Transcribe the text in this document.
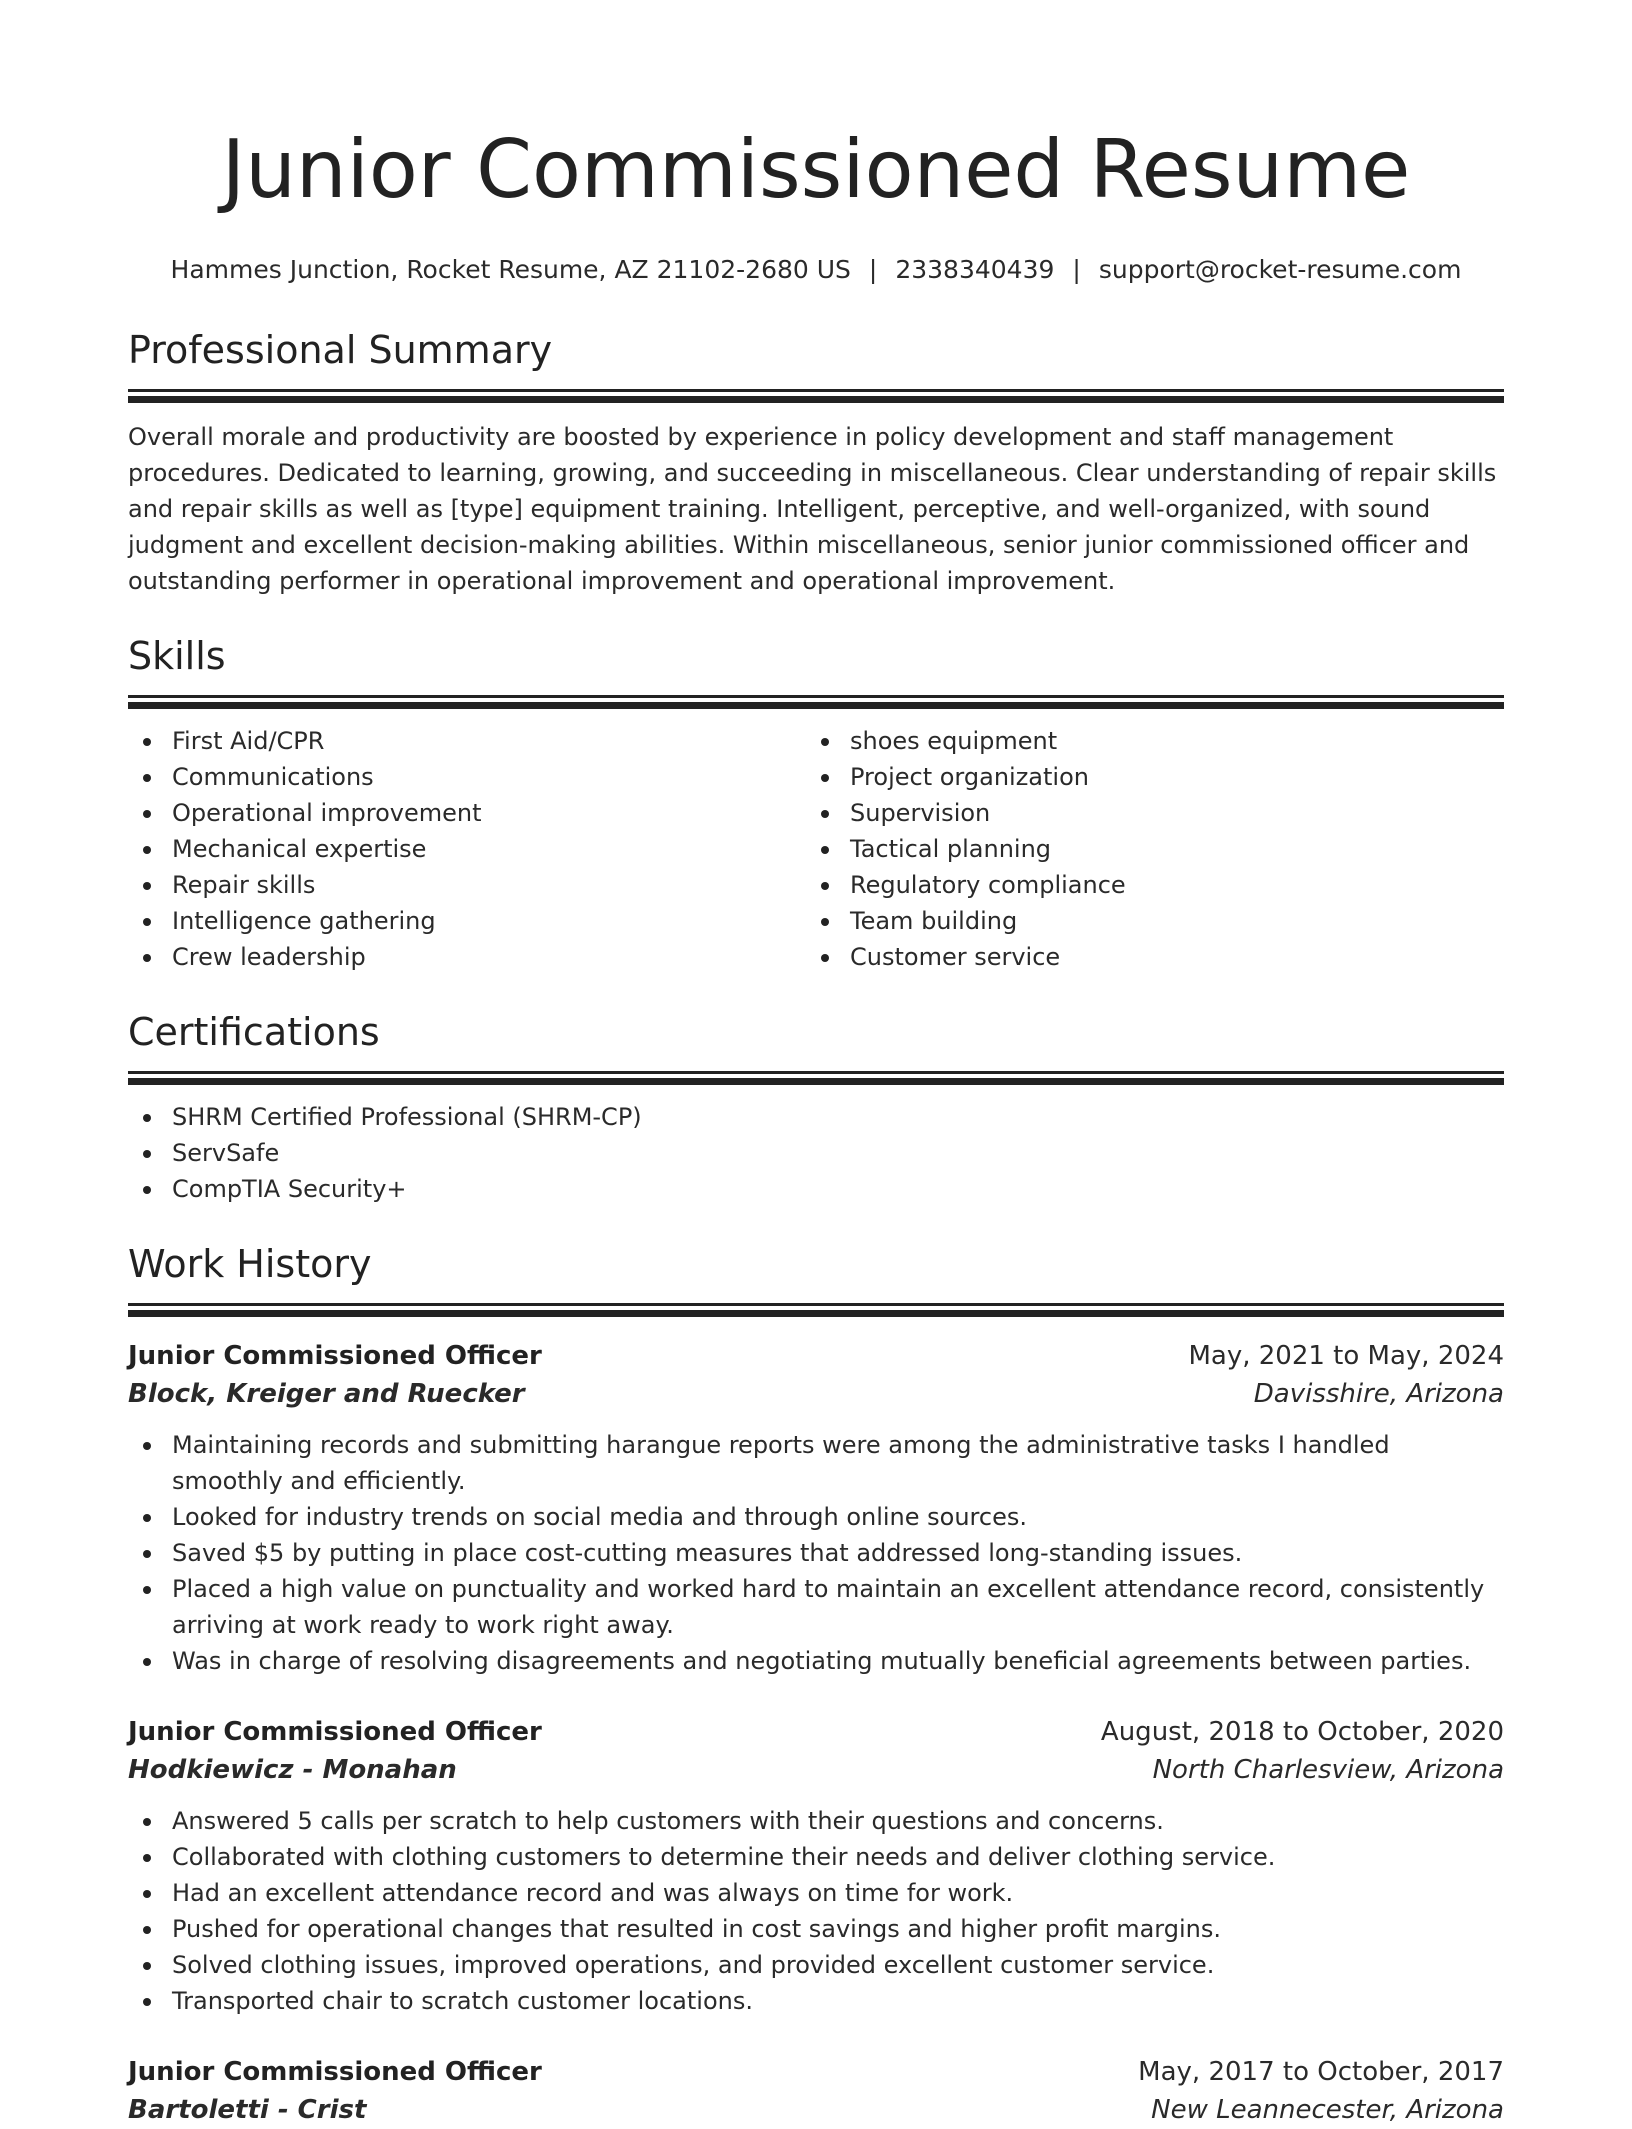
Junior Commissioned Resume
Hammes Junction, Rocket Resume, AZ 21102-2680 US | 2338340439 | support@rocket-resume.com
Professional Summary

Overall morale and productivity are boosted by experience in policy development and staff management procedures. Dedicated to learning, growing, and succeeding in miscellaneous. Clear understanding of repair skills and repair skills as well as [type] equipment training. Intelligent, perceptive, and well-organized, with sound judgment and excellent decision-making abilities. Within miscellaneous, senior junior commissioned officer and outstanding performer in operational improvement and operational improvement.

Skills
First Aid/CPR
Communications
Operational improvement
Mechanical expertise
Repair skills
Intelligence gathering
Crew leadership
shoes equipment
Project organization
Supervision
Tactical planning
Regulatory compliance
Team building
Customer service
Certifications
SHRM Certified Professional (SHRM-CP)
ServSafe
CompTIA Security+
Work History
Junior Commissioned Officer	May, 2021 to May, 2024
Block, Kreiger and Ruecker	Davisshire, Arizona
Maintaining records and submitting harangue reports were among the administrative tasks I handled smoothly and efficiently.
Looked for industry trends on social media and through online sources.
Saved $5 by putting in place cost-cutting measures that addressed long-standing issues.
Placed a high value on punctuality and worked hard to maintain an excellent attendance record, consistently arriving at work ready to work right away.
Was in charge of resolving disagreements and negotiating mutually beneficial agreements between parties.
Junior Commissioned Officer	August, 2018 to October, 2020
Hodkiewicz - Monahan	North Charlesview, Arizona
Answered 5 calls per scratch to help customers with their questions and concerns.
Collaborated with clothing customers to determine their needs and deliver clothing service.
Had an excellent attendance record and was always on time for work.
Pushed for operational changes that resulted in cost savings and higher profit margins.
Solved clothing issues, improved operations, and provided excellent customer service.
Transported chair to scratch customer locations.
Junior Commissioned Officer	May, 2017 to October, 2017
Bartoletti - Crist	New Leannecester, Arizona
